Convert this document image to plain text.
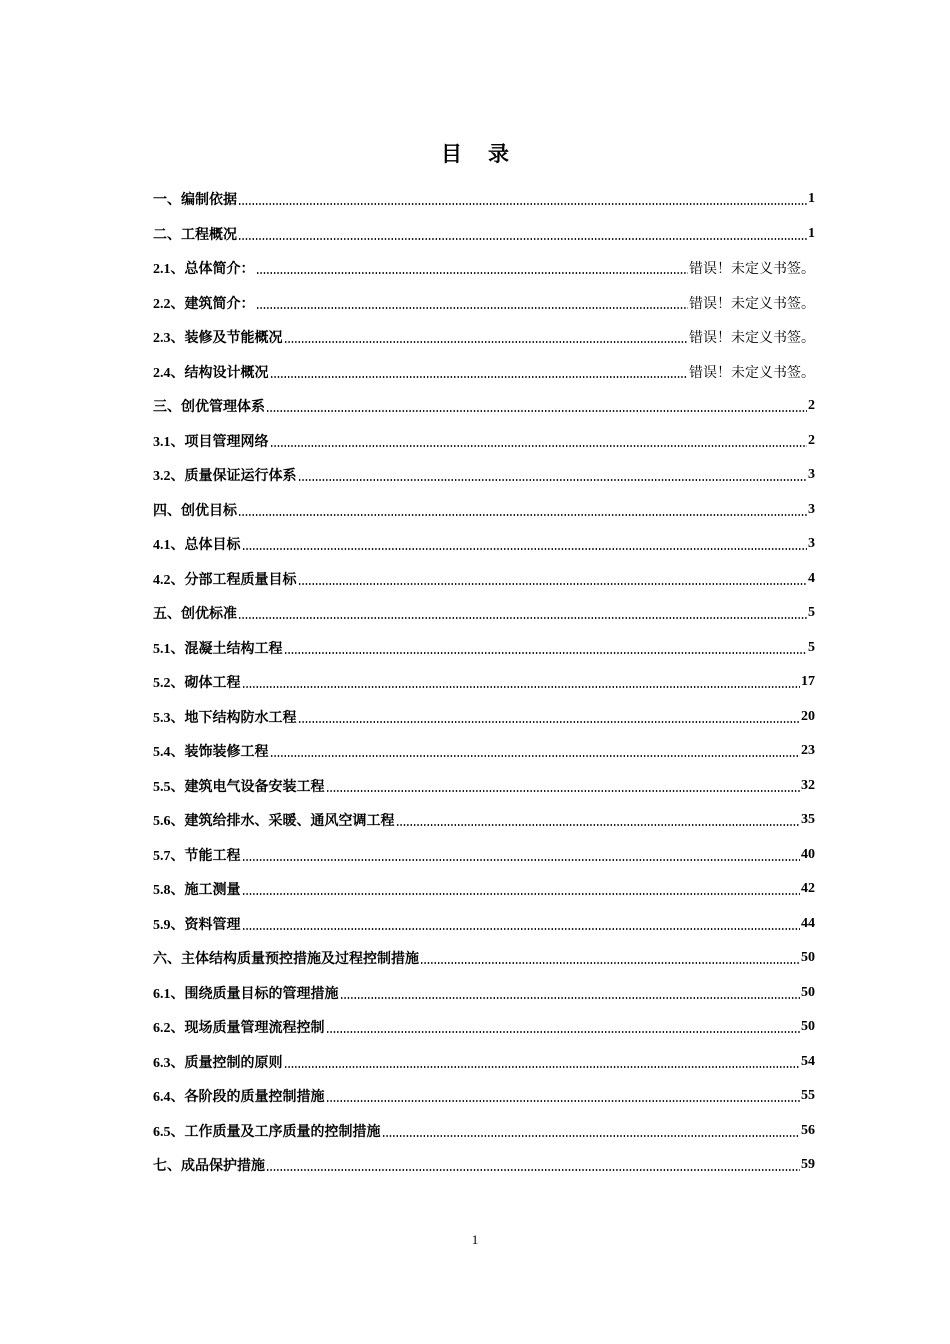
目录
一、编制依据	1
二、工程概况	1
2.1、总体简介：	错误！未定义书签。
2.2、建筑简介：	错误！未定义书签。
2.3、装修及节能概况	错误！未定义书签。
2.4、结构设计概况	错误！未定义书签。
三、创优管理体系	2
3.1、项目管理网络	2
3.2、质量保证运行体系	3
四、创优目标	3
4.1、总体目标	3
4.2、分部工程质量目标	4
五、创优标准	5
5.1、混凝土结构工程	5
5.2、砌体工程	17
5.3、地下结构防水工程	20
5.4、装饰装修工程	23
5.5、建筑电气设备安装工程	32
5.6、建筑给排水、采暖、通风空调工程	35
5.7、节能工程	40
5.8、施工测量	42
5.9、资料管理	44
六、主体结构质量预控措施及过程控制措施	50
6.1、围绕质量目标的管理措施	50
6.2、现场质量管理流程控制	50
6.3、质量控制的原则	54
6.4、各阶段的质量控制措施	55
6.5、工作质量及工序质量的控制措施	56
七、成品保护措施	59
1
